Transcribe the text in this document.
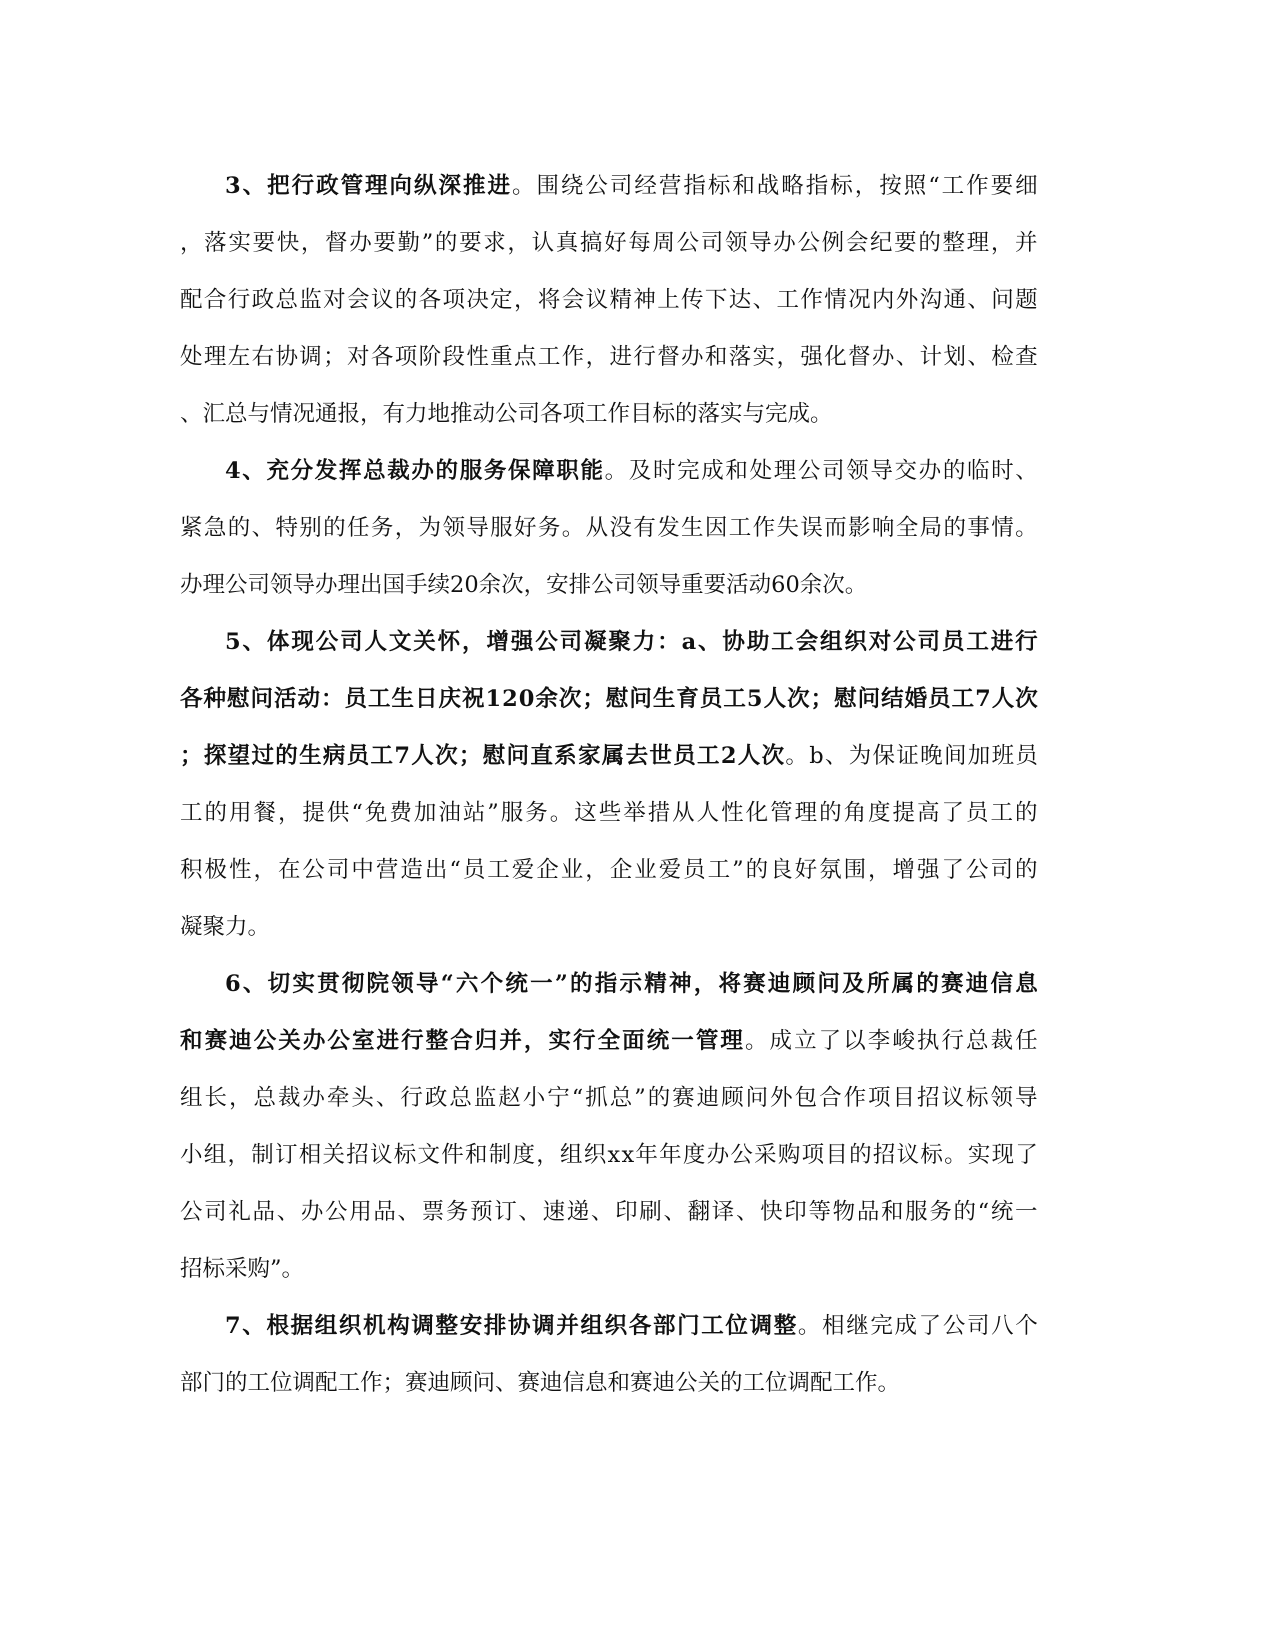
3 、 把 行 政 管 理 向 纵 深 推 进 。 围 绕 公 司 经 营 指 标 和 战 略 指 标 ， 按 照 “ 工 作 要 细
， 落 实 要 快 ， 督 办 要 勤 ” 的 要 求 ， 认 真 搞 好 每 周 公 司 领 导 办 公 例 会 纪 要 的 整 理 ， 并
配 合 行 政 总 监 对 会 议 的 各 项 决 定 ， 将 会 议 精 神 上 传 下 达 、 工 作 情 况 内 外 沟 通 、 问 题
处 理 左 右 协 调 ； 对 各 项 阶 段 性 重 点 工 作 ， 进 行 督 办 和 落 实 ， 强 化 督 办 、 计 划 、 检 查
、汇总与情况通报，有力地推动公司各项工作目标的落实与完成。
4 、 充 分 发 挥 总 裁 办 的 服 务 保 障 职 能 。 及 时 完 成 和 处 理 公 司 领 导 交 办 的 临 时 、
紧 急 的 、 特 别 的 任 务 ， 为 领 导 服 好 务 。 从 没 有 发 生 因 工 作 失 误 而 影 响 全 局 的 事 情 。
办理公司领导办理出国手续20余次，安排公司领导重要活动60余次。
5 、 体 现 公 司 人 文 关 怀 ， 增 强 公 司 凝 聚 力 ： a 、 协 助 工 会 组 织 对 公 司 员 工 进 行
各 种 慰 问 活 动 ： 员 工 生 日 庆 祝 1 2 0 余 次 ； 慰 问 生 育 员 工 5 人 次 ； 慰 问 结 婚 员 工 7 人 次
； 探 望 过 的 生 病 员 工 7 人 次 ； 慰 问 直 系 家 属 去 世 员 工 2 人 次 。 b 、 为 保 证 晚 间 加 班 员
工 的 用 餐 ， 提 供 “ 免 费 加 油 站 ” 服 务 。 这 些 举 措 从 人 性 化 管 理 的 角 度 提 高 了 员 工 的
积 极 性 ， 在 公 司 中 营 造 出 “ 员 工 爱 企 业 ， 企 业 爱 员 工 ” 的 良 好 氛 围 ， 增 强 了 公 司 的
凝聚力。
6 、 切 实 贯 彻 院 领 导 “ 六 个 统 一 ” 的 指 示 精 神 ， 将 赛 迪 顾 问 及 所 属 的 赛 迪 信 息
和 赛 迪 公 关 办 公 室 进 行 整 合 归 并 ， 实 行 全 面 统 一 管 理 。 成 立 了 以 李 峻 执 行 总 裁 任
组 长 ， 总 裁 办 牵 头 、 行 政 总 监 赵 小 宁 “ 抓 总 ” 的 赛 迪 顾 问 外 包 合 作 项 目 招 议 标 领 导
小 组 ， 制 订 相 关 招 议 标 文 件 和 制 度 ， 组 织 x x 年 年 度 办 公 采 购 项 目 的 招 议 标 。 实 现 了
公 司 礼 品 、 办 公 用 品 、 票 务 预 订 、 速 递 、 印 刷 、 翻 译 、 快 印 等 物 品 和 服 务 的 “ 统 一
招标采购”。
7 、 根 据 组 织 机 构 调 整 安 排 协 调 并 组 织 各 部 门 工 位 调 整 。 相 继 完 成 了 公 司 八 个
部门的工位调配工作；赛迪顾问、赛迪信息和赛迪公关的工位调配工作。
